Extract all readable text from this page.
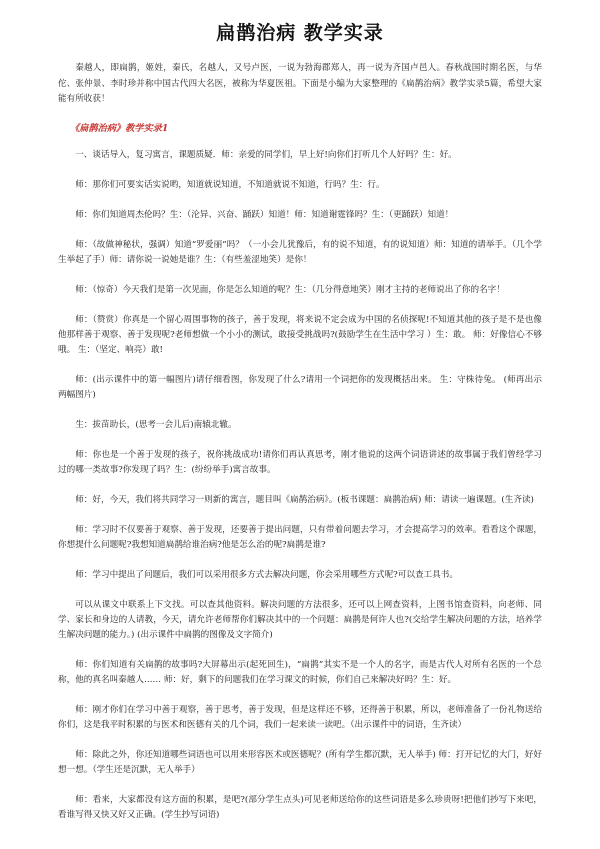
扁鹊治病 教学实录

秦越人，即扁鹊，姬姓，秦氏，名越人，又号卢医，一说为勃海郡郑人，再一说为齐国卢邑人。春秋战国时期名医，与华佗、张仲景、李时珍并称中国古代四大名医，被称为华夏医祖。下面是小编为大家整理的《扁鹊治病》教学实录5篇，希望大家能有所收获！

《扁鹊治病》教学实录1

一、谈话导入，复习寓言，课题质疑．师：亲爱的同学们，早上好!向你们打听几个人好吗？生：好。

师：那你们可要实话实说哟，知道就说知道，不知道就说不知道，行吗？生：行。

师：你们知道周杰伦吗？生：（沦异、兴奋、踊跃）知道！师：知道谢霆锋吗？生：（更踊跃）知道！

师：（故做神秘状，强调）知道“罗爱丽”吗？（一小会儿犹豫后，有的说不知道，有的说知道）师：知道的请举手。（几个学生举起了手）师：请你说一说她是谁？生：（有些羞涩地笑）是你！

师：（惊奇）今天我们是第一次见面，你是怎么知道的呢？生：（几分得意地笑）刚才主持的老师说出了你的名字！

师：（赞赏）你真是一个留心周围事物的孩子，善于发现，将来说不定会成为中国的名侦探呢!不知道其他的孩子是不是也像他那样善于观察、善于发现呢?老师想做一个小小的测试，敢接受挑战吗?(鼓励学生在生活中学习 ）生：敢。 师：好像信心不够哦。 生：（坚定、响亮）敢!

师：(出示课件中的第一幅图片)请仔细看图，你发现了什么?请用一个词把你的发现概括出来。 生：守株待兔。 (师再出示两幅图片)

生：拔苗助长，(思考一会儿后)南辕北辙。

师：你也是一个善于发现的孩子，祝你挑战成功!请你们再认真思考，刚才他说的这两个词语讲述的故事属于我们曾经学习过的哪一类故事?你发现了吗？生：(纷纷举手)寓言故事。

师：好，今天，我们将共同学习一则新的寓言，题目叫《扁鹊治病》。(板书课题：扁鹊治病) 师：请读一遍课题。(生齐读)

师：学习时不仅要善于观察、善于发现，还要善于提出问题，只有带着问题去学习，才会提高学习的效率。看看这个课题，你想提什么问题呢?我想知道扁鹊给谁治病?他是怎么治的呢?扁鹊是谁?

师：学习中提出了问题后，我们可以采用很多方式去解决问题，你会采用哪些方式呢?可以查工具书。

可以从课文中联系上下文找。可以查其他资料。解决问题的方法很多，还可以上网查资料，上图书馆查资料，向老师、同学、家长和身边的人请教，今天，请允许老师帮你们解决其中的一个问题：扁鹊是何许人也?(交给学生解决问题的方法，培养学生解决问题的能力。) (出示课件中扁鹊的图像及文字简介)

师：你们知道有关扁鹊的故事吗?大屏幕出示(起死回生)，“扁鹊”其实不是一个人的名字，而是古代人对所有名医的一个总称，他的真名叫秦越人…… 师：好，剩下的问题我们在学习课文的时候，你们自己来解决好吗？生：好。

师：刚才你们在学习中善于观察，善于思考，善于发现，但是这样还不够，还得善于积累，所以，老师准备了一份礼物送给你们，这是我平时积累的与医术和医德有关的几个词，我们一起来读一读吧。（出示课件中的词语，生齐读）

师：除此之外，你还知道哪些词语也可以用来形容医术或医德呢？(所有学生都沉默，无人举手) 师：打开记忆的大门，好好想一想。（学生还是沉默，无人举手）

师：看来，大家都没有这方面的积累，是吧?(部分学生点头)可见老师送给你的这些词语是多么珍贵呀!把他们抄写下来吧，看谁写得又快又好又正确。(学生抄写词语)
